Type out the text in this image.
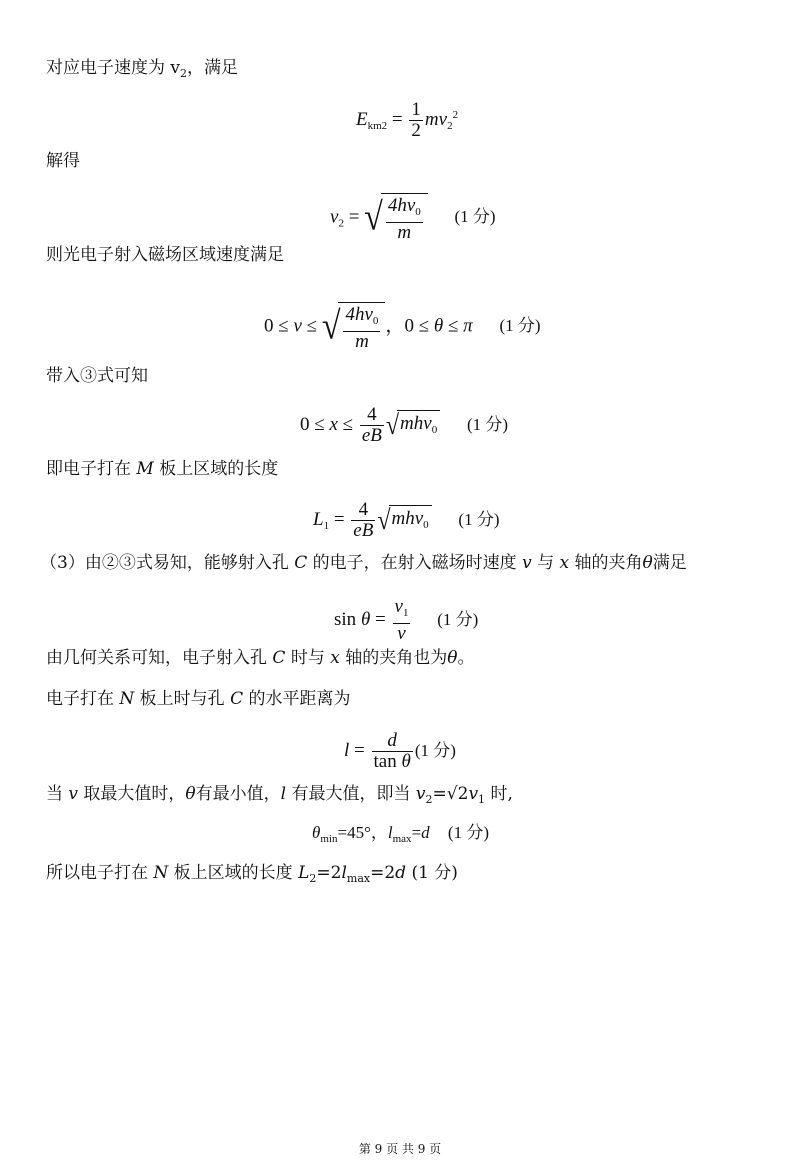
对应电子速度为 $v_2$，满足
$E_{km2} = \frac{1}{2} mv_2^2$
解得
$v_2$ = √ $\frac{4h\nu_0}{m} (1$ 分)
则光电子射入磁场区域速度满足
0 ≤ v ≤ √ $\frac{4h\nu_0}{m}$ ，0 ≤ θ ≤ π (1 分)
带入③式可知
$0 \le x \le \frac{4}{eB} √mh\nu_0$ (1 分)
即电子打在 M 板上区域的长度
$L_1 = \frac{4}{eB} √mh\nu_0$ (1 分)
（3）由②③式易知，能够射入孔 C 的电子，在射入磁场时速度 v 与 x 轴的夹角θ满足
$\sin \theta = \frac{v_1}{v} (1$ 分)
由几何关系可知，电子射入孔 C 时与 x 轴的夹角也为θ。
电子打在 N 板上时与孔 C 的水平距离为
$l = \frac{d}{\text{tan θ}} (1$ 分)
当 v 取最大值时，θ有最小值，l 有最大值，即当 $v_2=√2v_1$ 时,
$\theta_{min}=45^\circ$，$l_{max}=d$ (1 分)
所以电子打在 N 板上区域的长度 $L_2=2l_{max}=2d$ (1 分)
第 9 页 共 9 页
